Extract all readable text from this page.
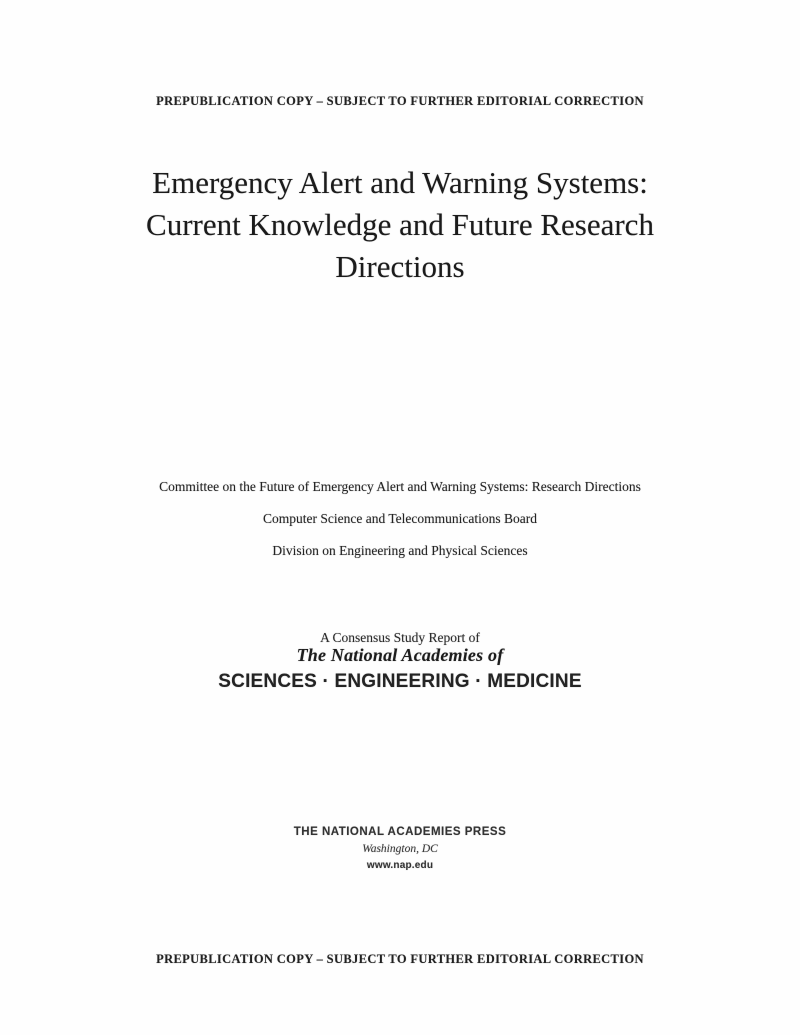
PREPUBLICATION COPY – SUBJECT TO FURTHER EDITORIAL CORRECTION
Emergency Alert and Warning Systems:
Current Knowledge and Future Research
Directions
Committee on the Future of Emergency Alert and Warning Systems: Research Directions
Computer Science and Telecommunications Board
Division on Engineering and Physical Sciences
A Consensus Study Report of
The National Academies of
SCIENCES · ENGINEERING · MEDICINE
THE NATIONAL ACADEMIES PRESS
Washington, DC
www.nap.edu
PREPUBLICATION COPY – SUBJECT TO FURTHER EDITORIAL CORRECTION
